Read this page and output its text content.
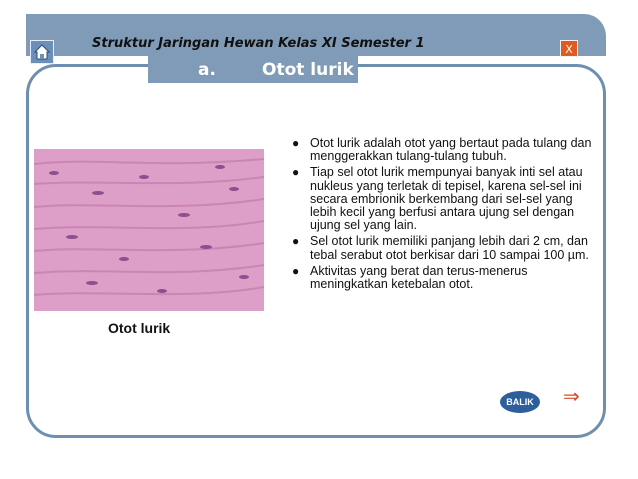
Struktur Jaringan Hewan Kelas XI Semester 1	X
a.	Otot lurik
Otot lurik
● Otot lurik adalah otot yang bertaut pada tulang dan menggerakkan tulang-tulang tubuh.
● Tiap sel otot lurik mempunyai banyak inti sel atau nukleus yang terletak di tepisel, karena sel-sel ini secara embrionik berkembang dari sel-sel yang lebih kecil yang berfusi antara ujung sel dengan ujung sel yang lain.
● Sel otot lurik memiliki panjang lebih dari 2 cm, dan tebal serabut otot berkisar dari 10 sampai 100 µm.
● Aktivitas yang berat dan terus-menerus meningkatkan ketebalan otot.
BALIK	⇒
